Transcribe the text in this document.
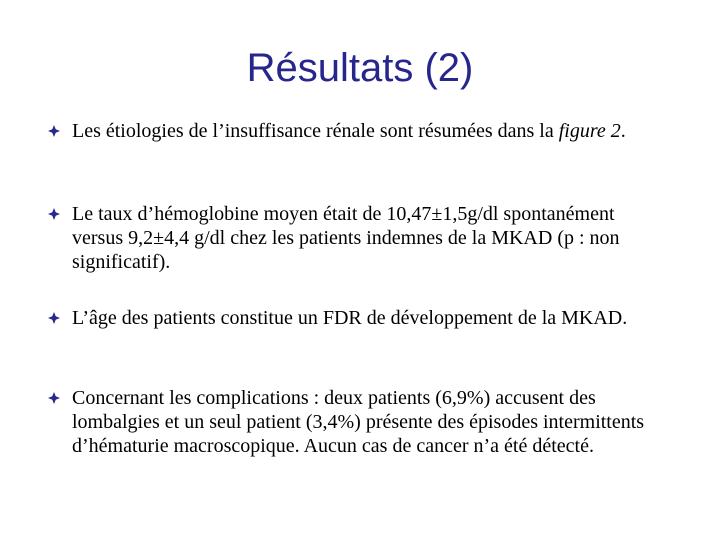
Résultats (2)
Les étiologies de l’insuffisance rénale sont résumées dans la figure 2.
Le taux d’hémoglobine moyen était de 10,47±1,5g/dl spontanément versus 9,2±4,4 g/dl chez les patients indemnes de la MKAD (p : non significatif).
L’âge des patients constitue un FDR de développement de la MKAD.
Concernant les complications : deux patients (6,9%) accusent des lombalgies et un seul patient (3,4%) présente des épisodes intermittents d’hématurie macroscopique. Aucun cas de cancer n’a été détecté.
